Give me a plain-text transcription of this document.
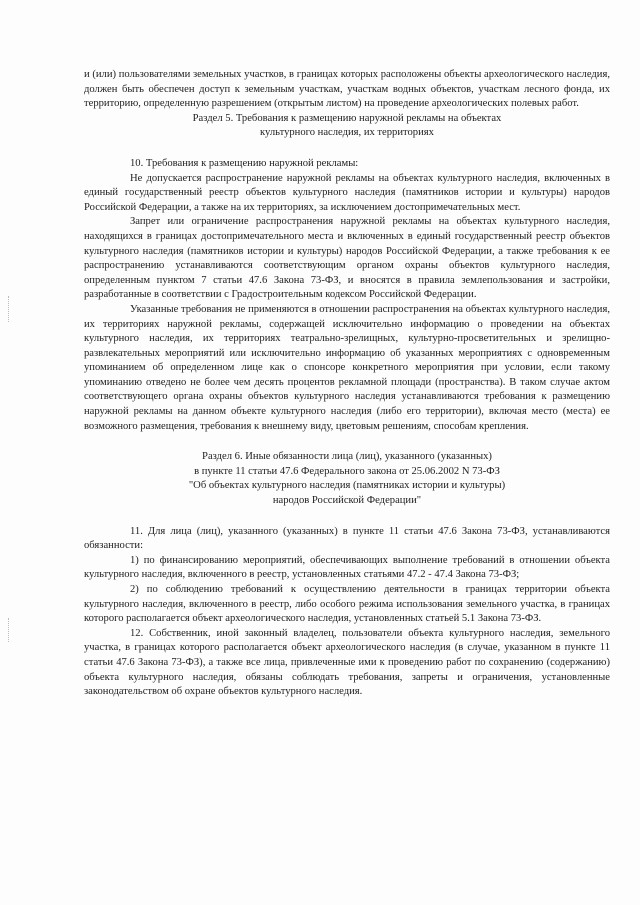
и (или) пользователями земельных участков, в границах которых расположены объекты археологического наследия, должен быть обеспечен доступ к земельным участкам, участкам водных объектов, участкам лесного фонда, их территорию, определенную разрешением (открытым листом) на проведение археологических полевых работ.

Раздел 5. Требования к размещению наружной рекламы на объектах

культурного наследия, их территориях

10. Требования к размещению наружной рекламы:

Не допускается распространение наружной рекламы на объектах культурного наследия, включенных в единый государственный реестр объектов культурного наследия (памятников истории и культуры) народов Российской Федерации, а также на их территориях, за исключением достопримечательных мест.

Запрет или ограничение распространения наружной рекламы на объектах культурного наследия, находящихся в границах достопримечательного места и включенных в единый государственный реестр объектов культурного наследия (памятников истории и культуры) народов Российской Федерации, а также требования к ее распространению устанавливаются соответствующим органом охраны объектов культурного наследия, определенным пунктом 7 статьи 47.6 Закона 73-ФЗ, и вносятся в правила землепользования и застройки, разработанные в соответствии с Градостроительным кодексом Российской Федерации.

Указанные требования не применяются в отношении распространения на объектах культурного наследия, их территориях наружной рекламы, содержащей исключительно информацию о проведении на объектах культурного наследия, их территориях театрально-зрелищных, культурно-просветительных и зрелищно-развлекательных мероприятий или исключительно информацию об указанных мероприятиях с одновременным упоминанием об определенном лице как о спонсоре конкретного мероприятия при условии, если такому упоминанию отведено не более чем десять процентов рекламной площади (пространства). В таком случае актом соответствующего органа охраны объектов культурного наследия устанавливаются требования к размещению наружной рекламы на данном объекте культурного наследия (либо его территории), включая место (места) ее возможного размещения, требования к внешнему виду, цветовым решениям, способам крепления.

Раздел 6. Иные обязанности лица (лиц), указанного (указанных)

в пункте 11 статьи 47.6 Федерального закона от 25.06.2002 N 73-ФЗ

"Об объектах культурного наследия (памятниках истории и культуры)

народов Российской Федерации"

11. Для лица (лиц), указанного (указанных) в пункте 11 статьи 47.6 Закона 73-ФЗ, устанавливаются обязанности:

1) по финансированию мероприятий, обеспечивающих выполнение требований в отношении объекта культурного наследия, включенного в реестр, установленных статьями 47.2 - 47.4 Закона 73-ФЗ;

2) по соблюдению требований к осуществлению деятельности в границах территории объекта культурного наследия, включенного в реестр, либо особого режима использования земельного участка, в границах которого располагается объект археологического наследия, установленных статьей 5.1 Закона 73-ФЗ.

12. Собственник, иной законный владелец, пользователи объекта культурного наследия, земельного участка, в границах которого располагается объект археологического наследия (в случае, указанном в пункте 11 статьи 47.6 Закона 73-ФЗ), а также все лица, привлеченные ими к проведению работ по сохранению (содержанию) объекта культурного наследия, обязаны соблюдать требования, запреты и ограничения, установленные законодательством об охране объектов культурного наследия.
